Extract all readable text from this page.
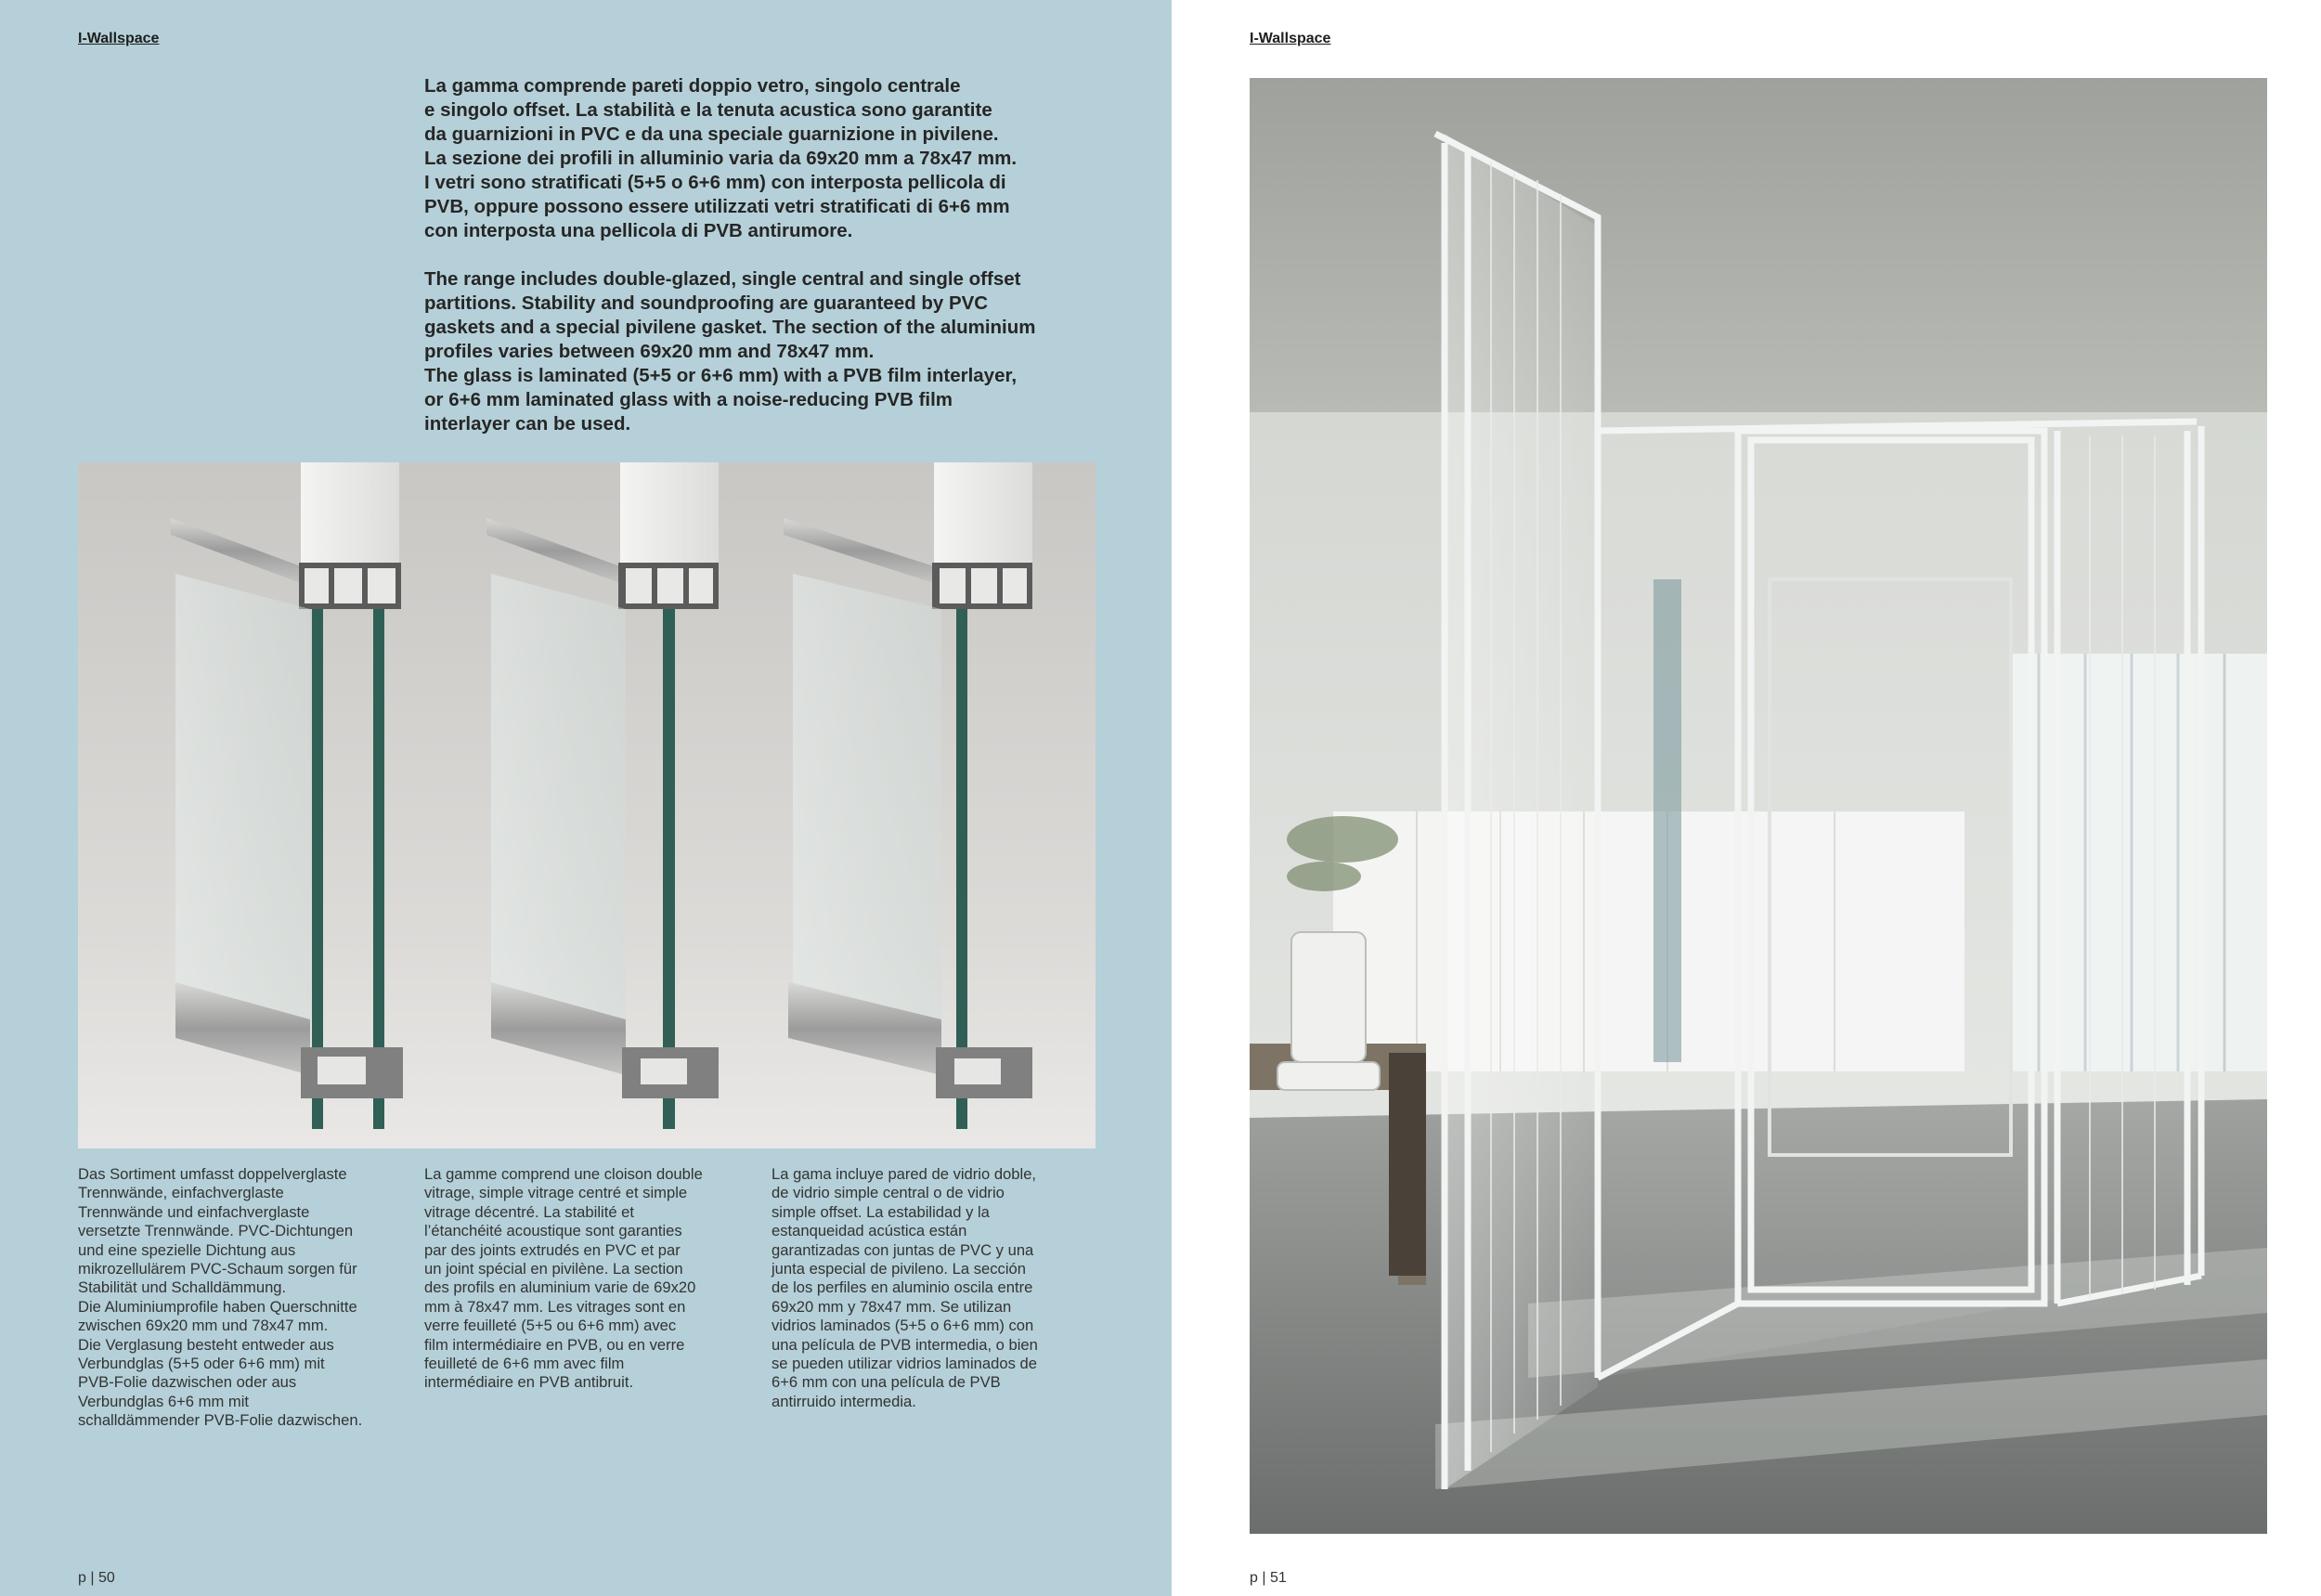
I-Wallspace

La gamma comprende pareti doppio vetro, singolo centrale
e singolo offset. La stabilità e la tenuta acustica sono garantite
da guarnizioni in PVC e da una speciale guarnizione in pivilene.
La sezione dei profili in alluminio varia da 69x20 mm a 78x47 mm.
I vetri sono stratificati (5+5 o 6+6 mm) con interposta pellicola di
PVB, oppure possono essere utilizzati vetri stratificati di 6+6 mm
con interposta una pellicola di PVB antirumore.

The range includes double-glazed, single central and single offset
partitions. Stability and soundproofing are guaranteed by PVC
gaskets and a special pivilene gasket. The section of the aluminium
profiles varies between 69x20 mm and 78x47 mm.
The glass is laminated (5+5 or 6+6 mm) with a PVB film interlayer,
or 6+6 mm laminated glass with a noise-reducing PVB film
interlayer can be used.

Das Sortiment umfasst doppelverglaste
Trennwände, einfachverglaste
Trennwände und einfachverglaste
versetzte Trennwände. PVC-Dichtungen
und eine spezielle Dichtung aus
mikrozellulärem PVC-Schaum sorgen für
Stabilität und Schalldämmung.
Die Aluminiumprofile haben Querschnitte
zwischen 69x20 mm und 78x47 mm.
Die Verglasung besteht entweder aus
Verbundglas (5+5 oder 6+6 mm) mit
PVB-Folie dazwischen oder aus
Verbundglas 6+6 mm mit
schalldämmender PVB-Folie dazwischen.
La gamme comprend une cloison double
vitrage, simple vitrage centré et simple
vitrage décentré. La stabilité et
l’étanchéité acoustique sont garanties
par des joints extrudés en PVC et par
un joint spécial en pivilène. La section
des profils en aluminium varie de 69x20
mm à 78x47 mm. Les vitrages sont en
verre feuilleté (5+5 ou 6+6 mm) avec
film intermédiaire en PVB, ou en verre
feuilleté de 6+6 mm avec film
intermédiaire en PVB antibruit.
La gama incluye pared de vidrio doble,
de vidrio simple central o de vidrio
simple offset. La estabilidad y la
estanqueidad acústica están
garantizadas con juntas de PVC y una
junta especial de pivileno. La sección
de los perfiles en aluminio oscila entre
69x20 mm y 78x47 mm. Se utilizan
vidrios laminados (5+5 o 6+6 mm) con
una película de PVB intermedia, o bien
se pueden utilizar vidrios laminados de
6+6 mm con una película de PVB
antirruido intermedia.
p | 50
I-Wallspace
p | 51
